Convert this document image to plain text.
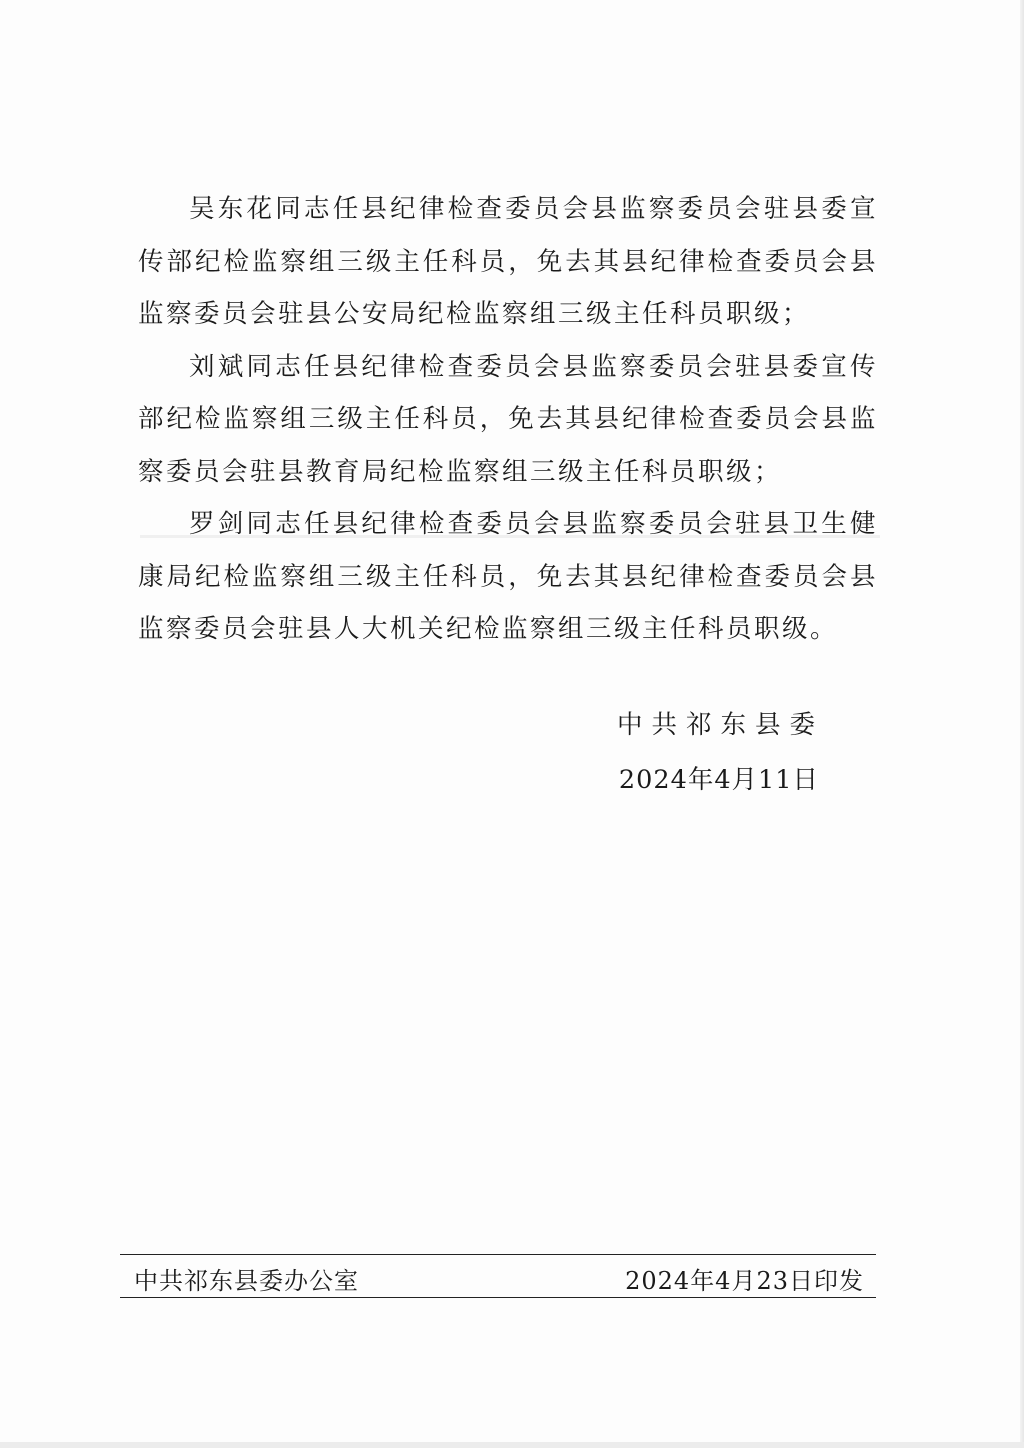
吴东花同志任县纪律检查委员会县监察委员会驻县委宣传部纪检监察组三级主任科员，免去其县纪律检查委员会县监察委员会驻县公安局纪检监察组三级主任科员职级；

刘斌同志任县纪律检查委员会县监察委员会驻县委宣传部纪检监察组三级主任科员，免去其县纪律检查委员会县监察委员会驻县教育局纪检监察组三级主任科员职级；

罗剑同志任县纪律检查委员会县监察委员会驻县卫生健康局纪检监察组三级主任科员，免去其县纪律检查委员会县监察委员会驻县人大机关纪检监察组三级主任科员职级。

中共祁东县委
2024年4月11日
中共祁东县委办公室	2024年4月23日印发
